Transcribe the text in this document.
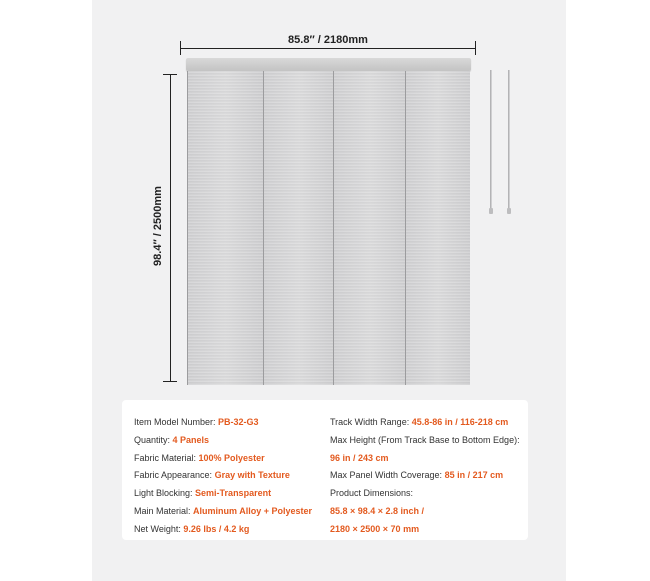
85.8″ / 2180mm
98.4″ / 2500mm
Item Model Number: PB-32-G3
Quantity: 4 Panels
Fabric Material: 100% Polyester
Fabric Appearance: Gray with Texture
Light Blocking: Semi-Transparent
Main Material: Aluminum Alloy + Polyester
Net Weight: 9.26 lbs / 4.2 kg
Track Width Range: 45.8-86 in / 116-218 cm
Max Height (From Track Base to Bottom Edge):
96 in / 243 cm
Max Panel Width Coverage: 85 in / 217 cm
Product Dimensions:
85.8 × 98.4 × 2.8 inch /
2180 × 2500 × 70 mm
